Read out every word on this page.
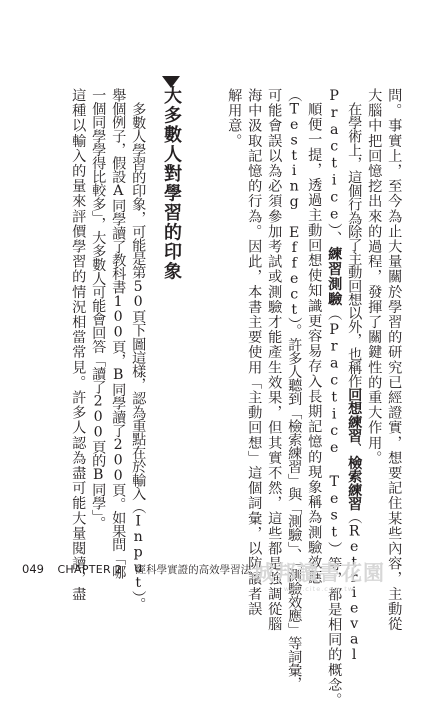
問。事實上，至今為止大量關於學習的研究已經證實，想要記住某些內容，主動從
大腦中把回憶挖出來的過程，發揮了關鍵性的重大作用。
在學術上，這個行為除了主動回想以外，也稱作回想練習、檢索練習（Retrieval
Practice）、練習測驗（Practice Test）等，都是相同的概念。
順便一提，透過主動回想使知識更容易存入長期記憶的現象稱為測驗效應
（Testing Effect）。許多人聽到「檢索練習」與「測驗」、「測驗效應」等詞彙，
可能會誤以為必須參加考試或測驗才能產生效果，但其實不然，這些都是強調從腦
海中汲取記憶的行為。因此，本書主要使用「主動回想」這個詞彙，以防讀者誤
解用意。
大多數人對學習的印象
多數人學習的印象，可能是第50頁下圖這樣，認為重點在於輸入（Input）。
舉個例子，假設A同學讀了教科書100頁，B同學讀了200頁。如果問「哪
一個同學學得比較多」，大多數人可能會回答「讀了200頁的B同學」。
這種以輸入的量來評價學習的情況相當常見。許多人認為盡可能大量閱讀，盡
049 CHAPTER 2 經科學實證的高效學習法 城邦讀書花園
www.cite.com.tw
